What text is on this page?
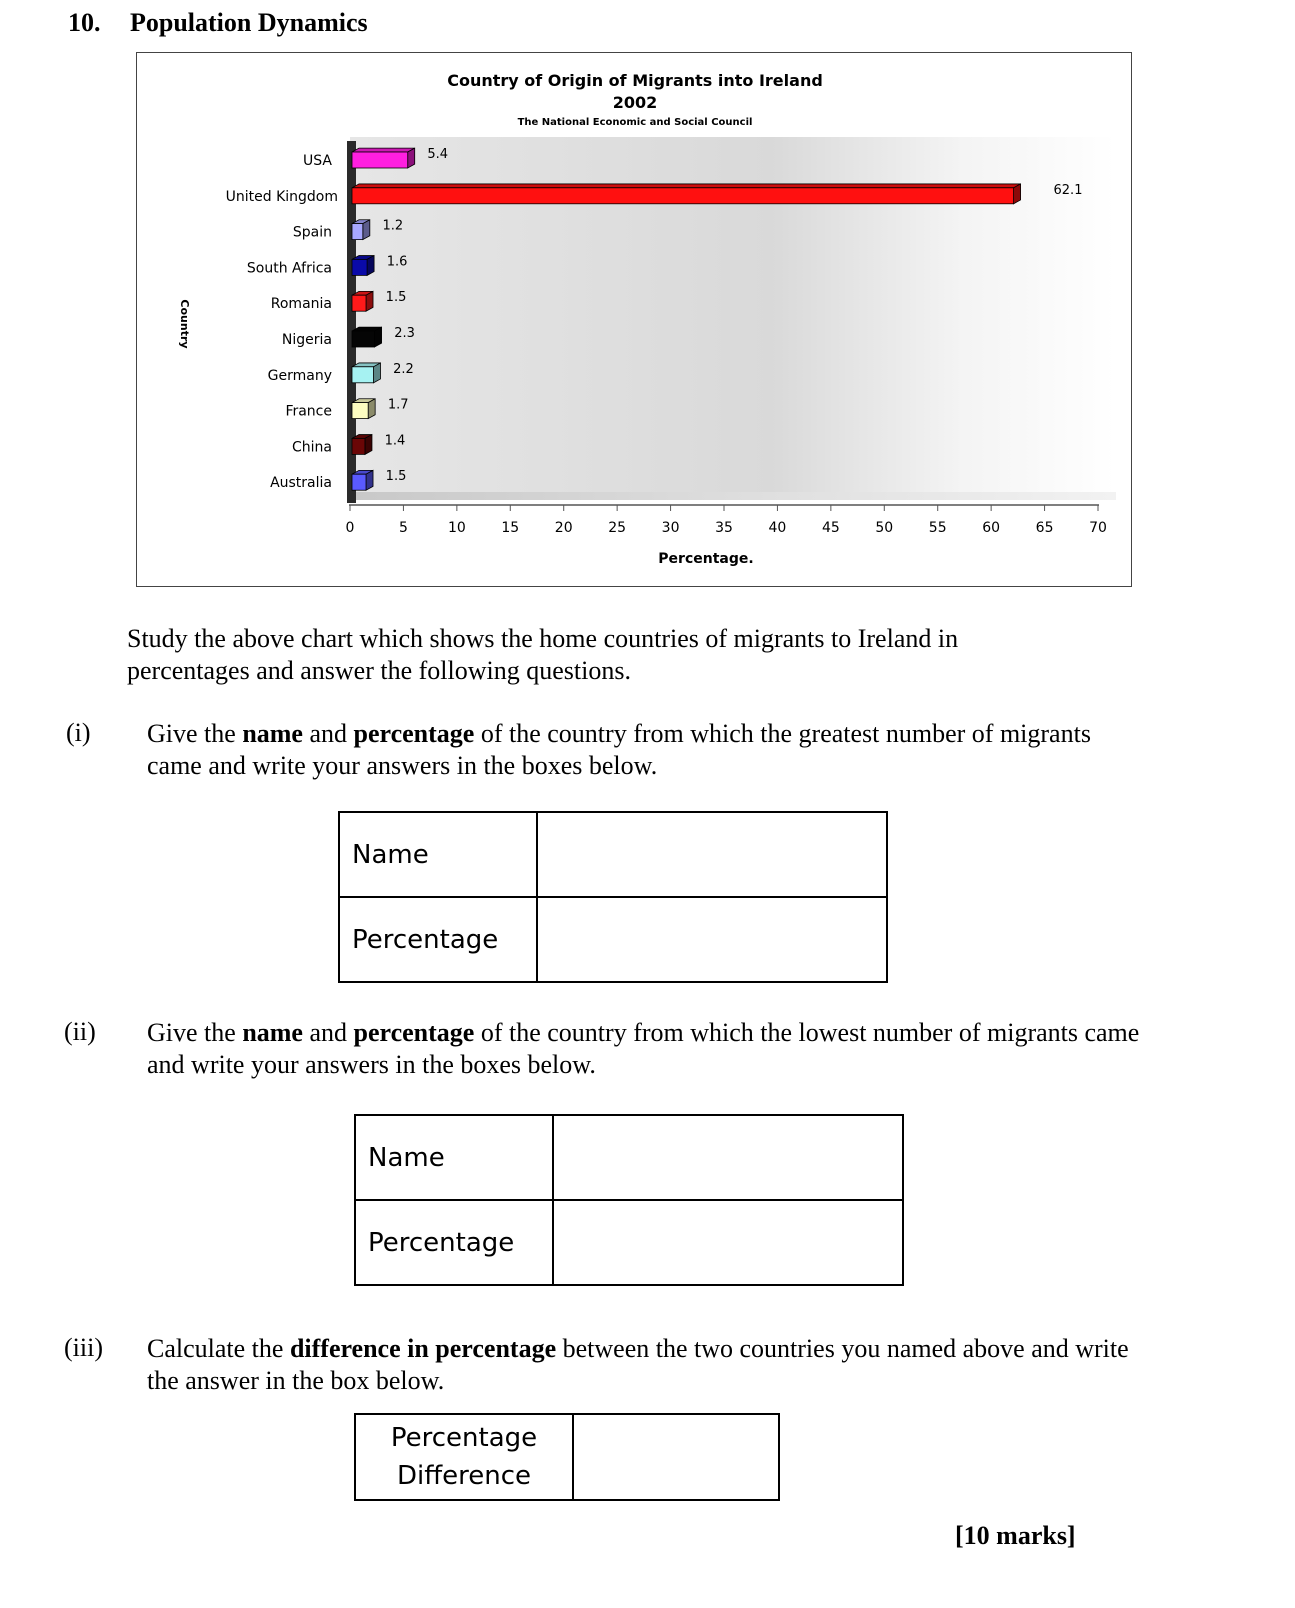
10. Population Dynamics
Country of Origin of Migrants into Ireland
2002
The National Economic and Social Council
Percentage.
Country
0	5	10	15	20	25	30	35	40	45	50	55	60	65	70
USA	5.4
United Kingdom	62.1
Spain	1.2
South Africa	1.6
Romania	1.5
Nigeria	2.3
Germany	2.2
France	1.7
China	1.4
Australia	1.5
Study the above chart which shows the home countries of migrants to Ireland in percentages and answer the following questions.
(i) Give the name and percentage of the country from which the greatest number of migrants came and write your answers in the boxes below.
Name	
Percentage	
(ii) Give the name and percentage of the country from which the lowest number of migrants came and write your answers in the boxes below.
Name	
Percentage	
(iii) Calculate the difference in percentage between the two countries you named above and write the answer in the box below.
Percentage
Difference

[10 marks]
